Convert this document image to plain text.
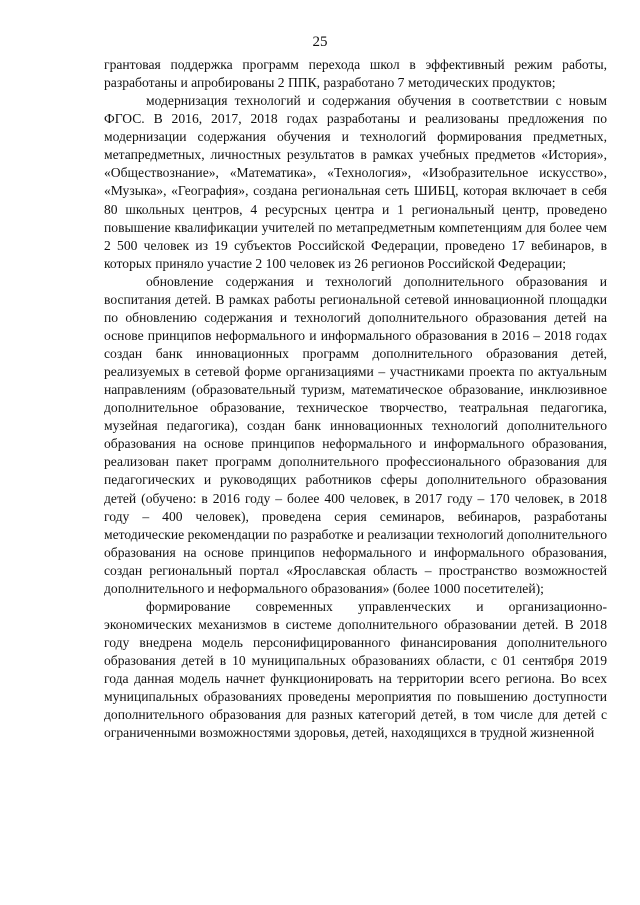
25

грантовая поддержка программ перехода школ в эффективный режим работы, разработаны и апробированы 2 ППК, разработано 7 методических продуктов;

модернизация технологий и содержания обучения в соответствии с новым ФГОС. В 2016, 2017, 2018 годах разработаны и реализованы предложения по модернизации содержания обучения и технологий формирования предметных, метапредметных, личностных результатов в рамках учебных предметов «История», «Обществознание», «Математика», «Технология», «Изобразительное искусство», «Музыка», «География», создана региональная сеть ШИБЦ, которая включает в себя 80 школьных центров, 4 ресурсных центра и 1 региональный центр, проведено повышение квалификации учителей по метапредметным компетенциям для более чем 2 500 человек из 19 субъектов Российской Федерации, проведено 17 вебинаров, в которых приняло участие 2 100 человек из 26 регионов Российской Федерации;

обновление содержания и технологий дополнительного образования и воспитания детей. В рамках работы региональной сетевой инновационной площадки по обновлению содержания и технологий дополнительного образования детей на основе принципов неформального и информального образования в 2016 – 2018 годах создан банк инновационных программ дополнительного образования детей, реализуемых в сетевой форме организациями – участниками проекта по актуальным направлениям (образовательный туризм, математическое образование, инклюзивное дополнительное образование, техническое творчество, театральная педагогика, музейная педагогика), создан банк инновационных технологий дополнительного образования на основе принципов неформального и информального образования, реализован пакет программ дополнительного профессионального образования для педагогических и руководящих работников сферы дополнительного образования детей (обучено: в 2016 году – более 400 человек, в 2017 году – 170 человек, в 2018 году – 400 человек), проведена серия семинаров, вебинаров, разработаны методические рекомендации по разработке и реализации технологий дополнительного образования на основе принципов неформального и информального образования, создан региональный портал «Ярославская область – пространство возможностей дополнительного и неформального образования» (более 1000 посетителей);

формирование современных управленческих и организационно-экономических механизмов в системе дополнительного образовании детей. В 2018 году внедрена модель персонифицированного финансирования дополнительного образования детей в 10 муниципальных образованиях области, с 01 сентября 2019 года данная модель начнет функционировать на территории всего региона. Во всех муниципальных образованиях проведены мероприятия по повышению доступности дополнительного образования для разных категорий детей, в том числе для детей с ограниченными возможностями здоровья, детей, находящихся в трудной жизненной
